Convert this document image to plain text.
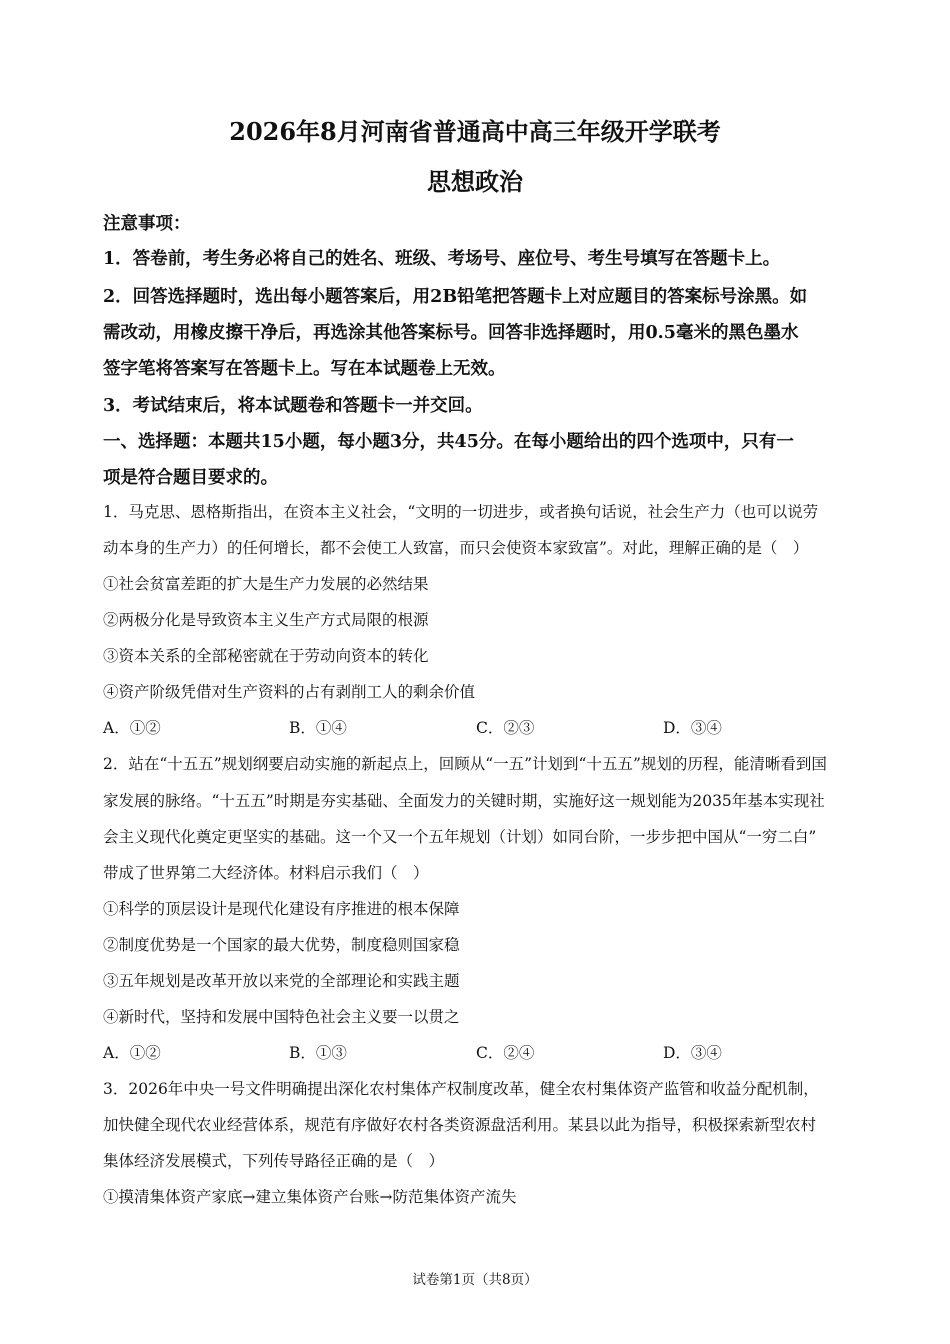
2026年8月河南省普通高中高三年级开学联考
思想政治
注意事项：
1．答卷前，考生务必将自己的姓名、班级、考场号、座位号、考生号填写在答题卡上。
2．回答选择题时，选出每小题答案后，用2B铅笔把答题卡上对应题目的答案标号涂黑。如
需改动，用橡皮擦干净后，再选涂其他答案标号。回答非选择题时，用0.5毫米的黑色墨水
签字笔将答案写在答题卡上。写在本试题卷上无效。
3．考试结束后，将本试题卷和答题卡一并交回。
一、选择题：本题共15小题，每小题3分，共45分。在每小题给出的四个选项中，只有一
项是符合题目要求的。
1．马克思、恩格斯指出，在资本主义社会，“文明的一切进步，或者换句话说，社会生产力（也可以说劳
动本身的生产力）的任何增长，都不会使工人致富，而只会使资本家致富”。对此，理解正确的是（　）
①社会贫富差距的扩大是生产力发展的必然结果
②两极分化是导致资本主义生产方式局限的根源
③资本关系的全部秘密就在于劳动向资本的转化
④资产阶级凭借对生产资料的占有剥削工人的剩余价值
A．①②	B．①④	C．②③	D．③④
2．站在“十五五”规划纲要启动实施的新起点上，回顾从“一五”计划到“十五五”规划的历程，能清晰看到国
家发展的脉络。“十五五”时期是夯实基础、全面发力的关键时期，实施好这一规划能为2035年基本实现社
会主义现代化奠定更坚实的基础。这一个又一个五年规划（计划）如同台阶，一步步把中国从“一穷二白”
带成了世界第二大经济体。材料启示我们（　）
①科学的顶层设计是现代化建设有序推进的根本保障
②制度优势是一个国家的最大优势，制度稳则国家稳
③五年规划是改革开放以来党的全部理论和实践主题
④新时代，坚持和发展中国特色社会主义要一以贯之
A．①②	B．①③	C．②④	D．③④
3．2026年中央一号文件明确提出深化农村集体产权制度改革，健全农村集体资产监管和收益分配机制，
加快健全现代农业经营体系，规范有序做好农村各类资源盘活利用。某县以此为指导，积极探索新型农村
集体经济发展模式，下列传导路径正确的是（　）
①摸清集体资产家底→建立集体资产台账→防范集体资产流失
试卷第1页（共8页）
